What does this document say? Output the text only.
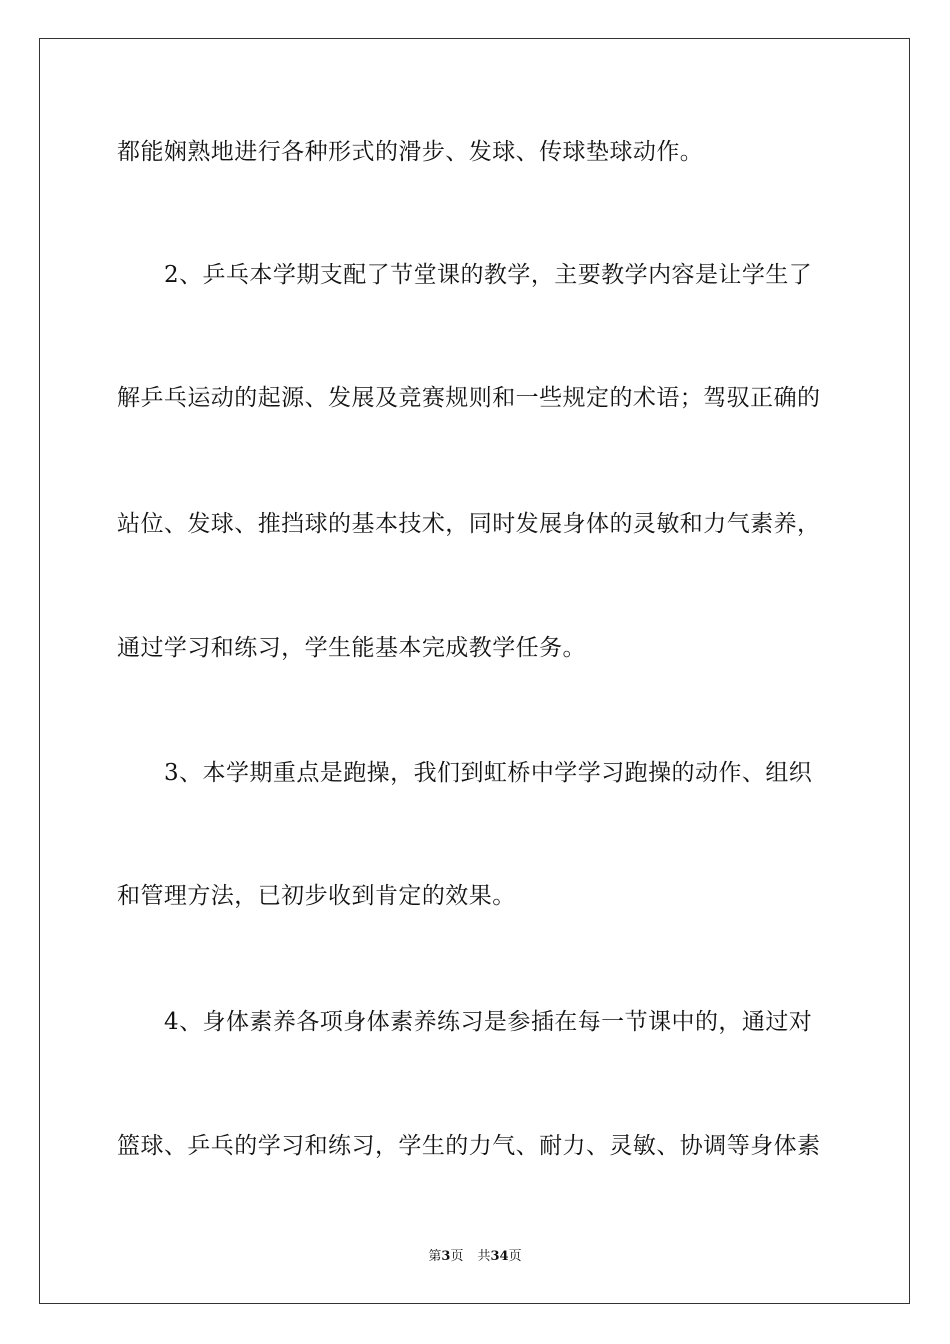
都能娴熟地进行各种形式的滑步、发球、传球垫球动作。
2、乒乓本学期支配了节堂课的教学，主要教学内容是让学生了
解乒乓运动的起源、发展及竞赛规则和一些规定的术语；驾驭正确的
站位、发球、推挡球的基本技术，同时发展身体的灵敏和力气素养，
通过学习和练习，学生能基本完成教学任务。
3、本学期重点是跑操，我们到虹桥中学学习跑操的动作、组织
和管理方法，已初步收到肯定的效果。
4、身体素养各项身体素养练习是参插在每一节课中的，通过对
篮球、乒乓的学习和练习，学生的力气、耐力、灵敏、协调等身体素
第3页 共34页
